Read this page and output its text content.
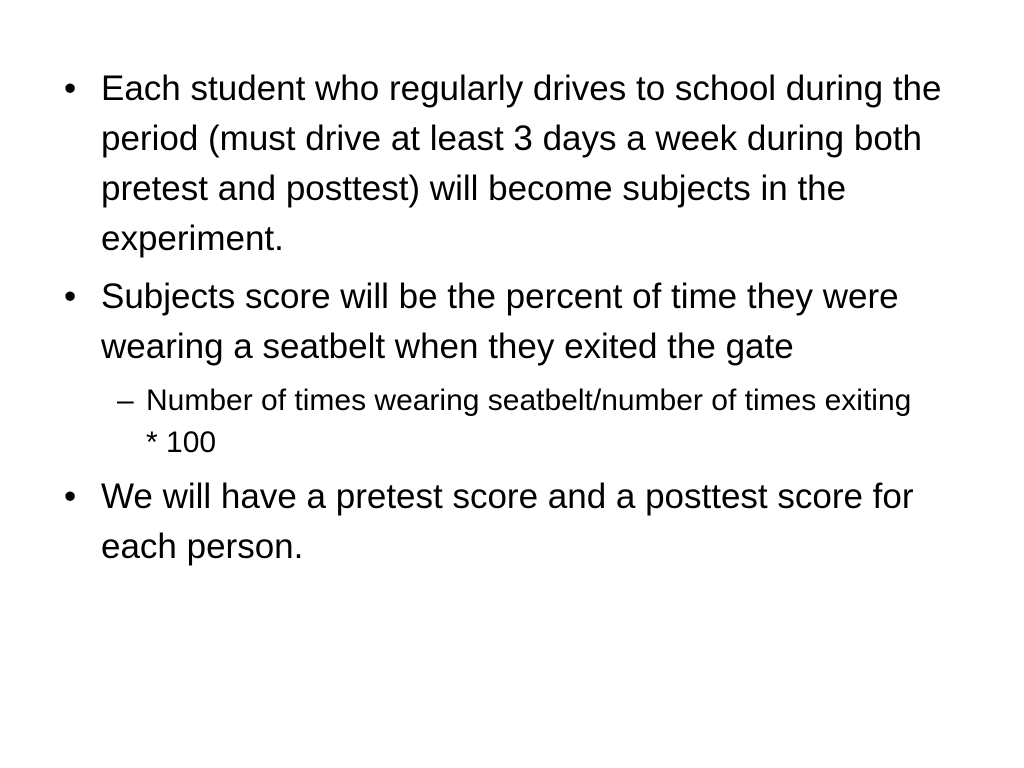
• Each student who regularly drives to school during the period (must drive at least 3 days a week during both pretest and posttest) will become subjects in the experiment.
• Subjects score will be the percent of time they were wearing a seatbelt when they exited the gate
– Number of times wearing seatbelt/number of times exiting * 100
• We will have a pretest score and a posttest score for each person.
